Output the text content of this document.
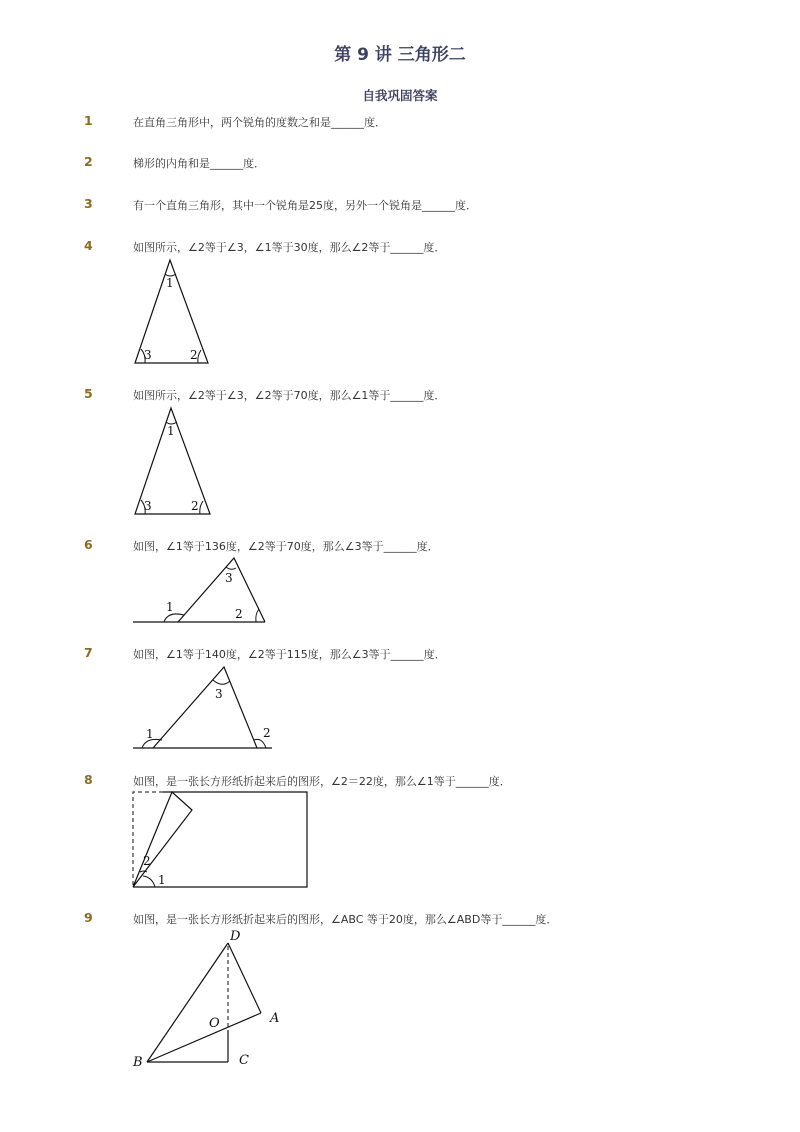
第 9 讲 三角形二
自我巩固答案
1	在直角三角形中，两个锐角的度数之和是______度．
2	梯形的内角和是______度．
3	有一个直角三角形，其中一个锐角是25度，另外一个锐角是______度．
4	如图所示，∠2等于∠3，∠1等于30度，那么∠2等于______度．
1
3	2
5	如图所示，∠2等于∠3，∠2等于70度，那么∠1等于______度．
1
3	2
6	如图，∠1等于136度，∠2等于70度，那么∠3等于______度．
3
1	2
7	如图，∠1等于140度，∠2等于115度，那么∠3等于______度．
3
1	2
8	如图，是一张长方形纸折起来后的图形，∠2＝22度，那么∠1等于______度．
2
1
9	如图，是一张长方形纸折起来后的图形，∠ABC 等于20度，那么∠ABD等于______度．
D
A
O
B	C
